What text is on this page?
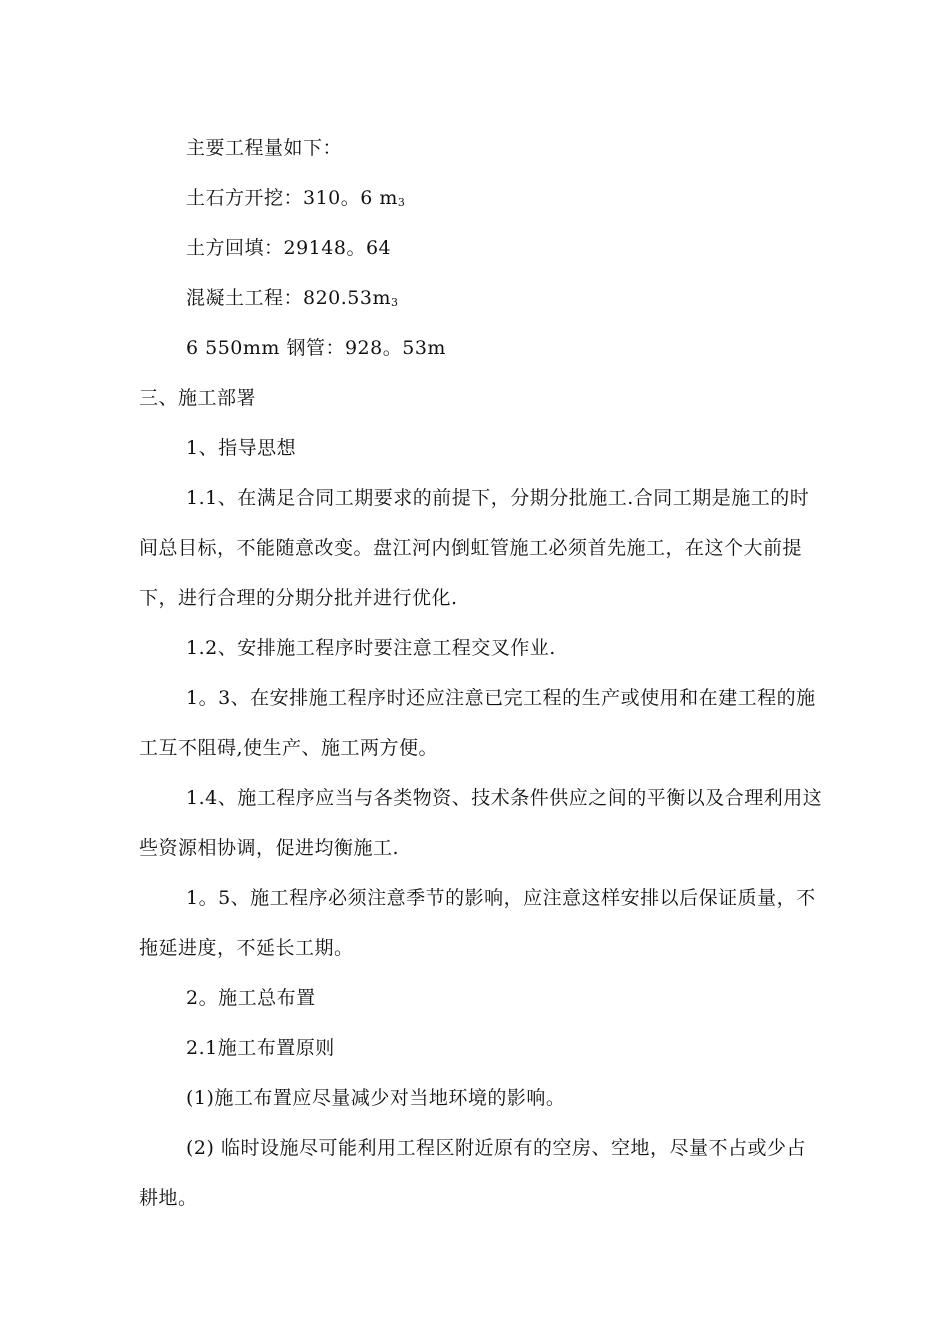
主要工程量如下：
土石方开挖：310。6 $m_3$
土方回填：29148。64
混凝土工程：$820.53m_3$
6 550mm 钢管：928。53m
三、施工部署
1、指导思想
1.1、在满足合同工期要求的前提下，分期分批施工.合同工期是施工的时
间总目标，不能随意改变。盘江河内倒虹管施工必须首先施工，在这个大前提
下，进行合理的分期分批并进行优化.
1.2、安排施工程序时要注意工程交叉作业.
1。3、在安排施工程序时还应注意已完工程的生产或使用和在建工程的施
工互不阻碍,使生产、施工两方便。
1.4、施工程序应当与各类物资、技术条件供应之间的平衡以及合理利用这
些资源相协调，促进均衡施工.
1。5、施工程序必须注意季节的影响，应注意这样安排以后保证质量，不
拖延进度，不延长工期。
2。施工总布置
2.1施工布置原则
(1)施工布置应尽量减少对当地环境的影响。
(2) 临时设施尽可能利用工程区附近原有的空房、空地，尽量不占或少占
耕地。
